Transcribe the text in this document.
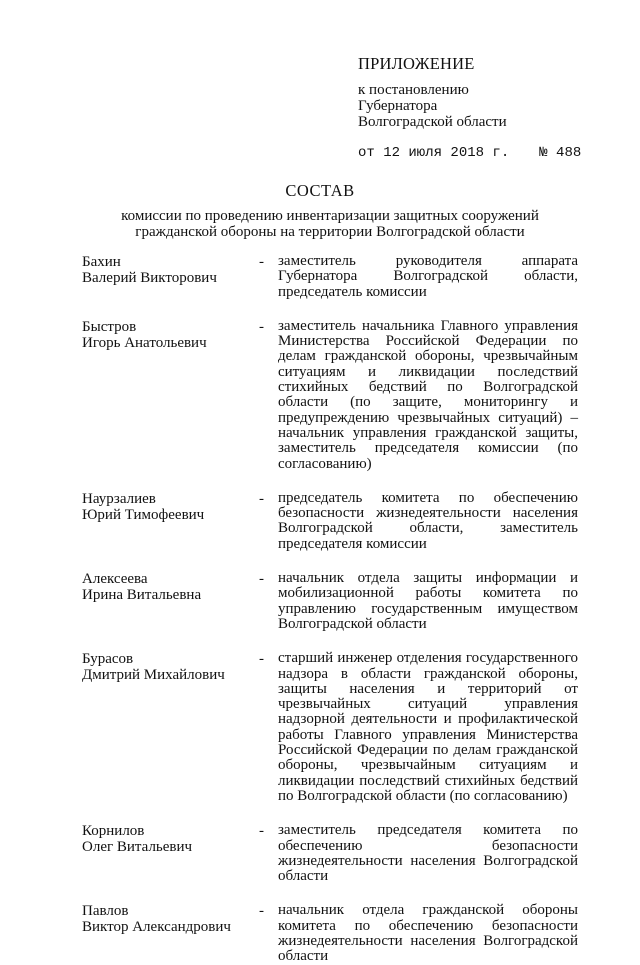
ПРИЛОЖЕНИЕ
к постановлению
Губернатора
Волгоградской области
от 12 июля 2018 г. № 488
СОСТАВ
комиссии по проведению инвентаризации защитных сооружений
гражданской обороны на территории Волгоградской области
Бахин
Валерий Викторович
- заместитель руководителя аппарата Губернатора Волгоградской области, председатель комиссии
Быстров
Игорь Анатольевич
- заместитель начальника Главного управления Министерства Российской Федерации по делам гражданской обороны, чрезвычайным ситуациям и ликвидации последствий стихийных бедствий по Волгоградской области (по защите, мониторингу и предупреждению чрезвычайных ситуаций) – начальник управления гражданской защиты, заместитель председателя комиссии (по согласованию)
Наурзалиев
Юрий Тимофеевич
- председатель комитета по обеспечению безопасности жизнедеятельности населения Волгоградской области, заместитель председателя комиссии
Алексеева
Ирина Витальевна
- начальник отдела защиты информации и мобилизационной работы комитета по управлению государственным имуществом Волгоградской области
Бурасов
Дмитрий Михайлович
- старший инженер отделения государственного надзора в области гражданской обороны, защиты населения и территорий от чрезвычайных ситуаций управления надзорной деятельности и профилактической работы Главного управления Министерства Российской Федерации по делам гражданской обороны, чрезвычайным ситуациям и ликвидации последствий стихийных бедствий по Волгоградской области (по согласованию)
Корнилов
Олег Витальевич
- заместитель председателя комитета по обеспечению безопасности жизнедеятельности населения Волгоградской области
Павлов
Виктор Александрович
- начальник отдела гражданской обороны комитета по обеспечению безопасности жизнедеятельности населения Волгоградской области
